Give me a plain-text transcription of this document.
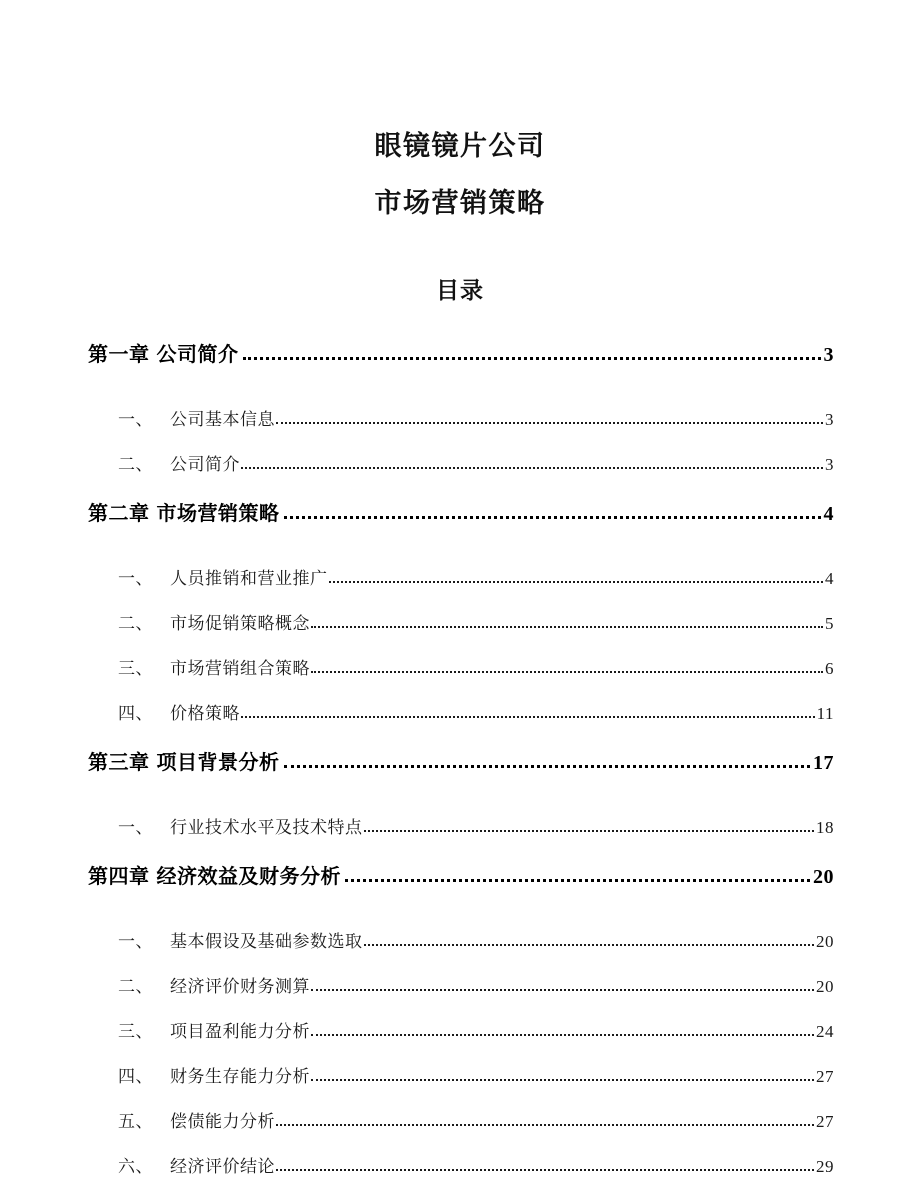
眼镜镜片公司
市场营销策略
目录
第一章 公司简介	3
一、	公司基本信息	3
二、	公司简介	3
第二章 市场营销策略	4
一、	人员推销和营业推广	4
二、	市场促销策略概念	5
三、	市场营销组合策略	6
四、	价格策略	11
第三章 项目背景分析	17
一、	行业技术水平及技术特点	18
第四章 经济效益及财务分析	20
一、	基本假设及基础参数选取	20
二、	经济评价财务测算	20
三、	项目盈利能力分析	24
四、	财务生存能力分析	27
五、	偿债能力分析	27
六、	经济评价结论	29
